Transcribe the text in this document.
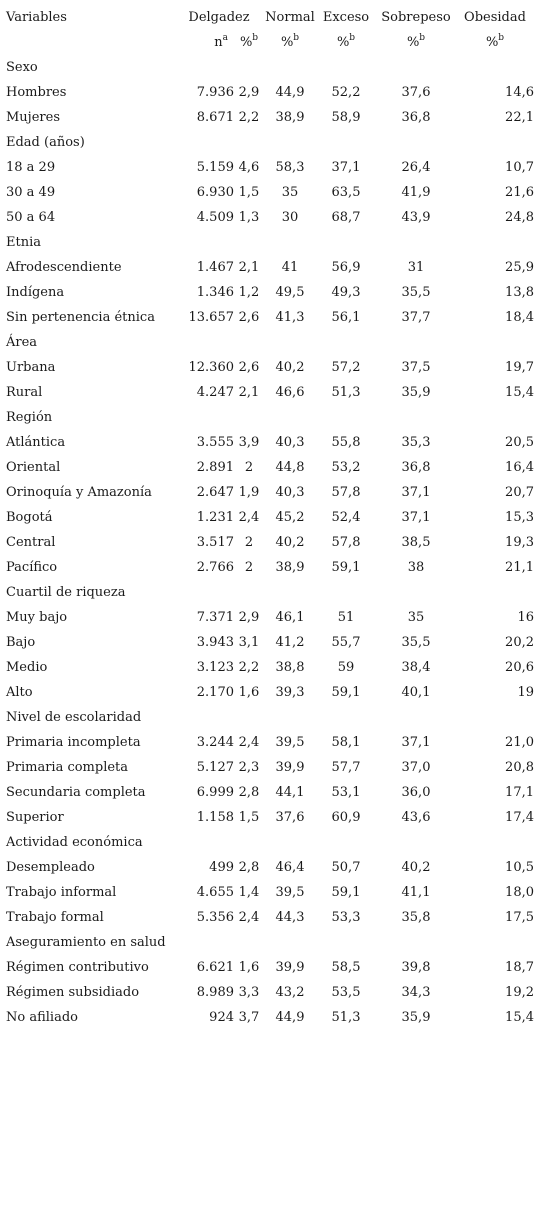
Variables	Delgadez		Normal	Exceso	Sobrepeso	Obesidad
	$n^a$	%$^b$	%$^b$	%$^b$	%$^b$	%$^b$
Sexo						
Hombres	7.936	2,9	44,9	52,2	37,6	14,6
Mujeres	8.671	2,2	38,9	58,9	36,8	22,1
Edad (años)						
18 a 29	5.159	4,6	58,3	37,1	26,4	10,7
30 a 49	6.930	1,5	35	63,5	41,9	21,6
50 a 64	4.509	1,3	30	68,7	43,9	24,8
Etnia						
Afrodescendiente	1.467	2,1	41	56,9	31	25,9
Indígena	1.346	1,2	49,5	49,3	35,5	13,8
Sin pertenencia étnica	13.657	2,6	41,3	56,1	37,7	18,4
Área						
Urbana	12.360	2,6	40,2	57,2	37,5	19,7
Rural	4.247	2,1	46,6	51,3	35,9	15,4
Región						
Atlántica	3.555	3,9	40,3	55,8	35,3	20,5
Oriental	2.891	2	44,8	53,2	36,8	16,4
Orinoquía y Amazonía	2.647	1,9	40,3	57,8	37,1	20,7
Bogotá	1.231	2,4	45,2	52,4	37,1	15,3
Central	3.517	2	40,2	57,8	38,5	19,3
Pacífico	2.766	2	38,9	59,1	38	21,1
Cuartil de riqueza						
Muy bajo	7.371	2,9	46,1	51	35	16
Bajo	3.943	3,1	41,2	55,7	35,5	20,2
Medio	3.123	2,2	38,8	59	38,4	20,6
Alto	2.170	1,6	39,3	59,1	40,1	19
Nivel de escolaridad						
Primaria incompleta	3.244	2,4	39,5	58,1	37,1	21,0
Primaria completa	5.127	2,3	39,9	57,7	37,0	20,8
Secundaria completa	6.999	2,8	44,1	53,1	36,0	17,1
Superior	1.158	1,5	37,6	60,9	43,6	17,4
Actividad económica						
Desempleado	499	2,8	46,4	50,7	40,2	10,5
Trabajo informal	4.655	1,4	39,5	59,1	41,1	18,0
Trabajo formal	5.356	2,4	44,3	53,3	35,8	17,5
Aseguramiento en salud						
Régimen contributivo	6.621	1,6	39,9	58,5	39,8	18,7
Régimen subsidiado	8.989	3,3	43,2	53,5	34,3	19,2
No afiliado	924	3,7	44,9	51,3	35,9	15,4
